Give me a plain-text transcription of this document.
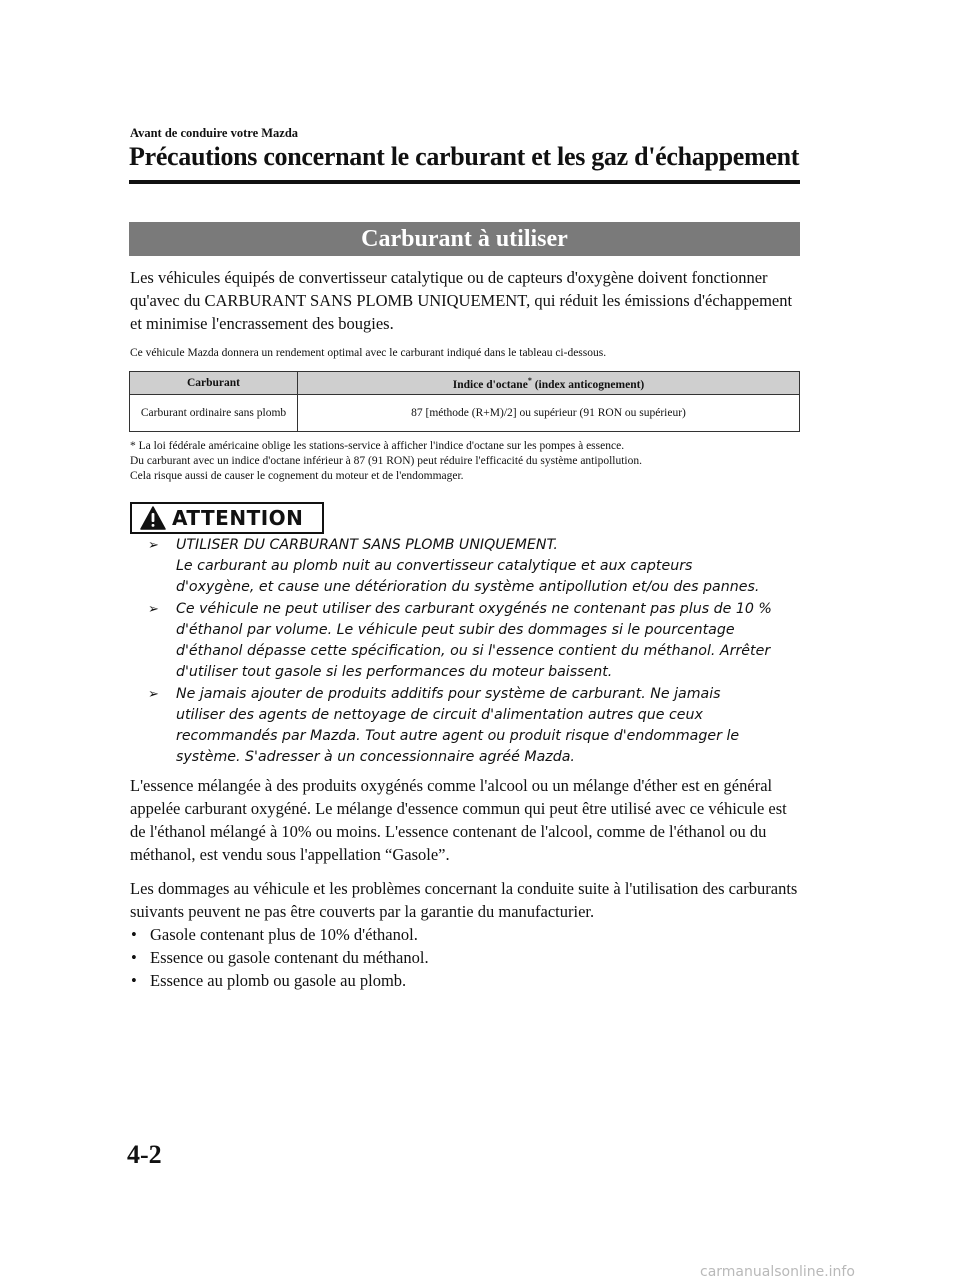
Avant de conduire votre Mazda
Précautions concernant le carburant et les gaz d'échappement
Carburant à utiliser
Les véhicules équipés de convertisseur catalytique ou de capteurs d'oxygène doivent fonctionner qu'avec du CARBURANT SANS PLOMB UNIQUEMENT, qui réduit les émissions d'échappement et minimise l'encrassement des bougies.
Ce véhicule Mazda donnera un rendement optimal avec le carburant indiqué dans le tableau ci-dessous.
Carburant	Indice d'octane* (index anticognement)
Carburant ordinaire sans plomb	87 [méthode (R+M)/2] ou supérieur (91 RON ou supérieur)
* La loi fédérale américaine oblige les stations-service à afficher l'indice d'octane sur les pompes à essence.
Du carburant avec un indice d'octane inférieur à 87 (91 RON) peut réduire l'efficacité du système antipollution.
Cela risque aussi de causer le cognement du moteur et de l'endommager.
ATTENTION
➢ UTILISER DU CARBURANT SANS PLOMB UNIQUEMENT.
Le carburant au plomb nuit au convertisseur catalytique et aux capteurs
d'oxygène, et cause une détérioration du système antipollution et/ou des pannes.
➢ Ce véhicule ne peut utiliser des carburant oxygénés ne contenant pas plus de 10 %
d'éthanol par volume. Le véhicule peut subir des dommages si le pourcentage
d'éthanol dépasse cette spécification, ou si l'essence contient du méthanol. Arrêter
d'utiliser tout gasole si les performances du moteur baissent.
➢ Ne jamais ajouter de produits additifs pour système de carburant. Ne jamais
utiliser des agents de nettoyage de circuit d'alimentation autres que ceux
recommandés par Mazda. Tout autre agent ou produit risque d'endommager le
système. S'adresser à un concessionnaire agréé Mazda.
L'essence mélangée à des produits oxygénés comme l'alcool ou un mélange d'éther est en général appelée carburant oxygéné. Le mélange d'essence commun qui peut être utilisé avec ce véhicule est de l'éthanol mélangé à 10% ou moins. L'essence contenant de l'alcool, comme de l'éthanol ou du méthanol, est vendu sous l'appellation “Gasole”.
Les dommages au véhicule et les problèmes concernant la conduite suite à l'utilisation des carburants suivants peuvent ne pas être couverts par la garantie du manufacturier.
• Gasole contenant plus de 10% d'éthanol.
• Essence ou gasole contenant du méthanol.
• Essence au plomb ou gasole au plomb.
4-2
carmanualsonline.info
